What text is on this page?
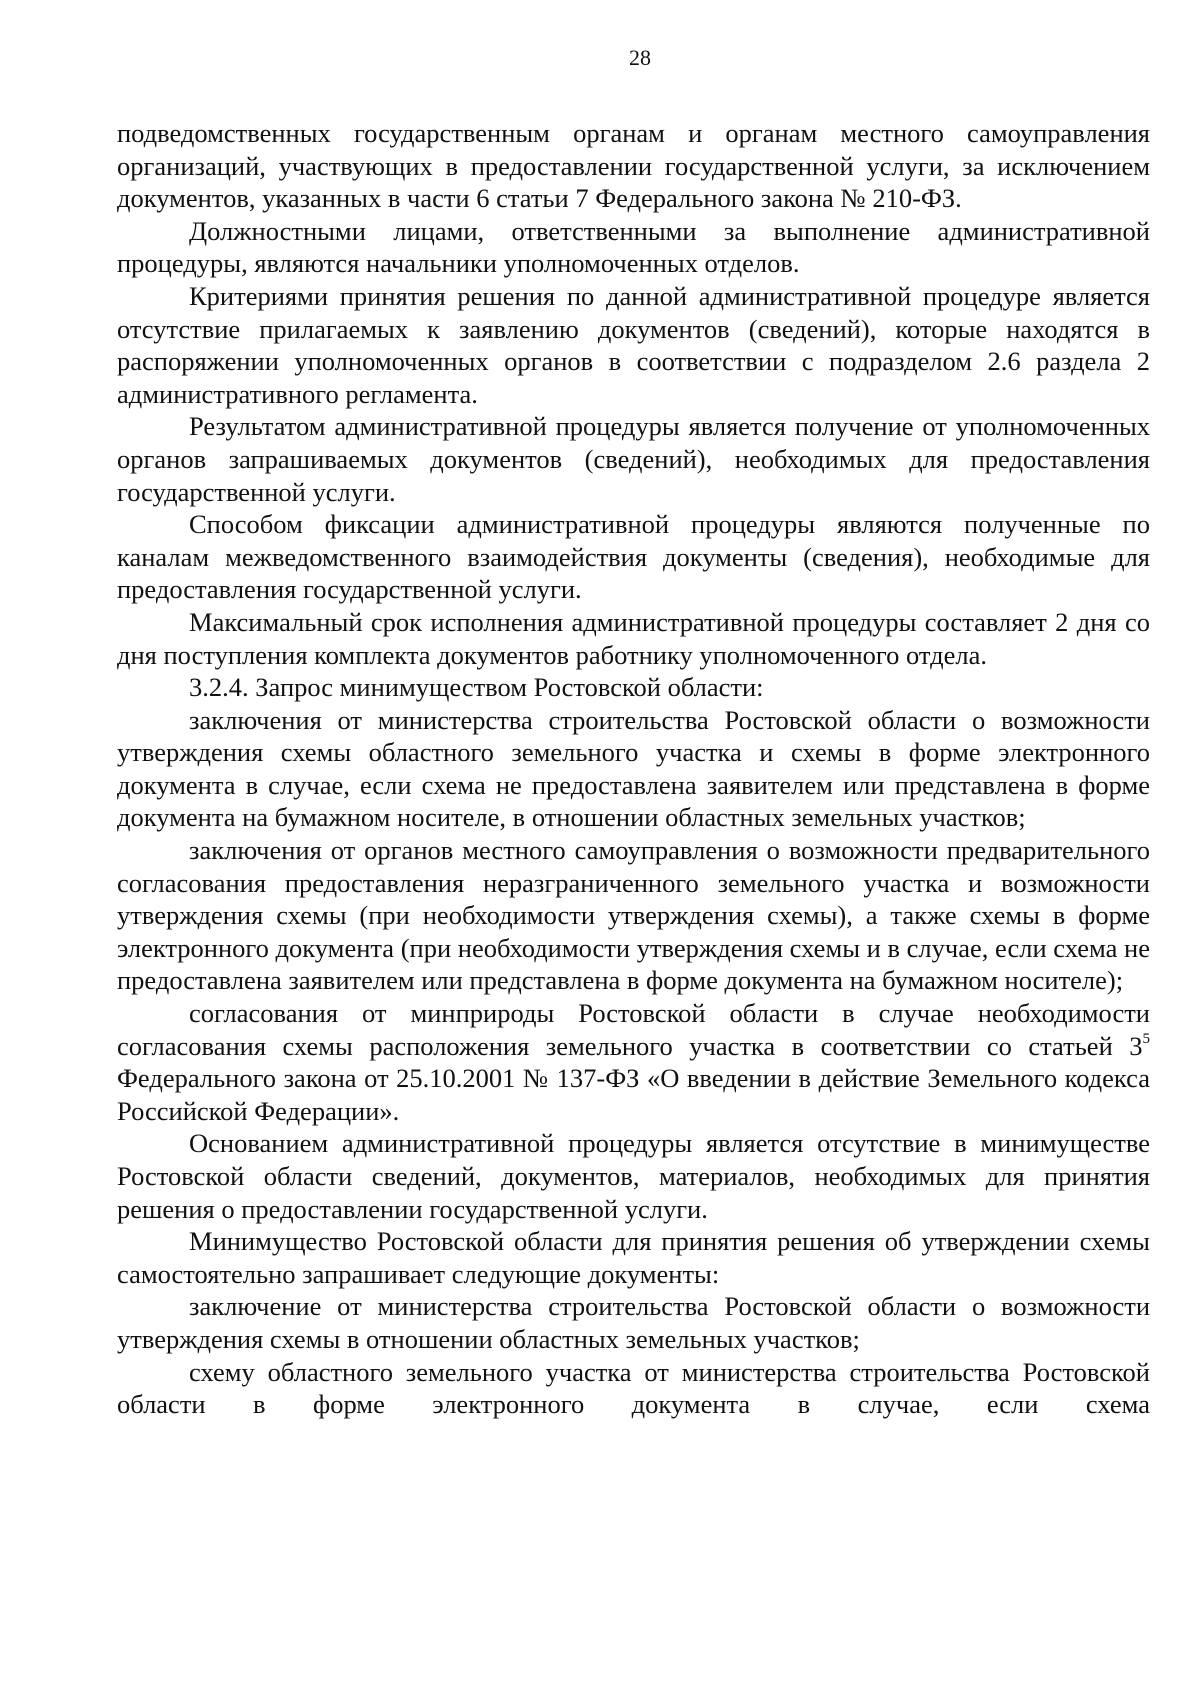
28

подведомственных государственным органам и органам местного самоуправления организаций, участвующих в предоставлении государственной услуги, за исключением документов, указанных в части 6 статьи 7 Федерального закона № 210-ФЗ.

Должностными лицами, ответственными за выполнение административной процедуры, являются начальники уполномоченных отделов.

Критериями принятия решения по данной административной процедуре является отсутствие прилагаемых к заявлению документов (сведений), которые находятся в распоряжении уполномоченных органов в соответствии с подразделом 2.6 раздела 2 административного регламента.

Результатом административной процедуры является получение от уполномоченных органов запрашиваемых документов (сведений), необходимых для предоставления государственной услуги.

Способом фиксации административной процедуры являются полученные по каналам межведомственного взаимодействия документы (сведения), необходимые для предоставления государственной услуги.

Максимальный срок исполнения административной процедуры составляет 2 дня со дня поступления комплекта документов работнику уполномоченного отдела.

3.2.4. Запрос минимуществом Ростовской области:

заключения от министерства строительства Ростовской области о возможности утверждения схемы областного земельного участка и схемы в форме электронного документа в случае, если схема не предоставлена заявителем или представлена в форме документа на бумажном носителе, в отношении областных земельных участков;

заключения от органов местного самоуправления о возможности предварительного согласования предоставления неразграниченного земельного участка и возможности утверждения схемы (при необходимости утверждения схемы), а также схемы в форме электронного документа (при необходимости утверждения схемы и в случае, если схема не предоставлена заявителем или представлена в форме документа на бумажном носителе);

согласования от минприроды Ростовской области в случае необходимости согласования схемы расположения земельного участка в соответствии со статьей $3^5$ Федерального закона от 25.10.2001 № 137-ФЗ «О введении в действие Земельного кодекса Российской Федерации».

Основанием административной процедуры является отсутствие в минимуществе Ростовской области сведений, документов, материалов, необходимых для принятия решения о предоставлении государственной услуги.

Минимущество Ростовской области для принятия решения об утверждении схемы самостоятельно запрашивает следующие документы:

заключение от министерства строительства Ростовской области о возможности утверждения схемы в отношении областных земельных участков;

схему областного земельного участка от министерства строительства Ростовской области в форме электронного документа в случае, если схема
